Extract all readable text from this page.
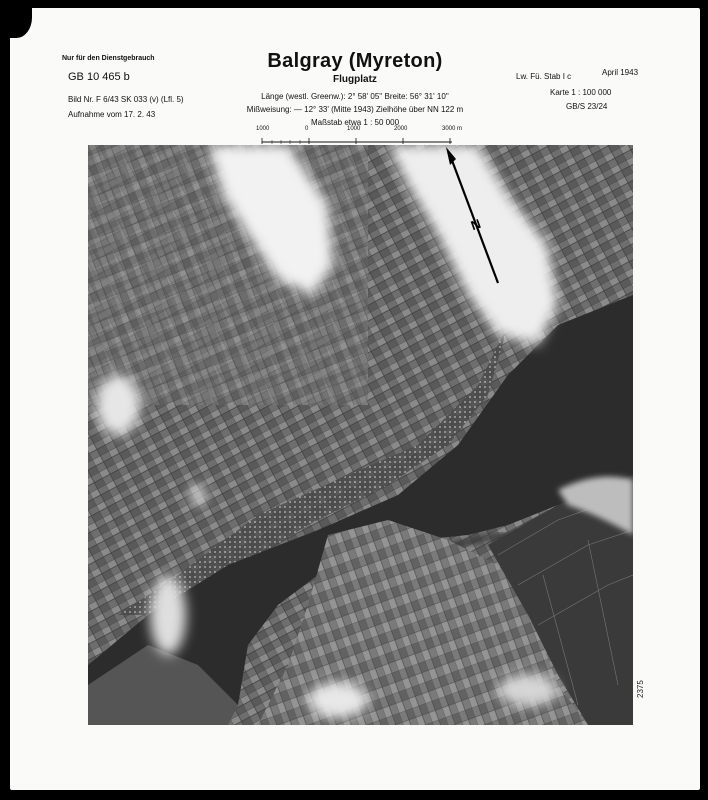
Nur für den Dienstgebrauch
GB 10 465 b
Bild Nr. F 6/43 SK 033 (v) (Lfl. 5)
Aufnahme vom 17. 2. 43
Balgray (Myreton)
Flugplatz
Länge (westl. Greenw.): 2° 58' 05'' Breite: 56° 31' 10''
Mißweisung: — 12° 33' (Mitte 1943) Zielhöhe über NN 122 m
Maßstab etwa 1 : 50 000
Lw. Fü. Stab I c	April 1943
Karte 1 : 100 000
GB/S 23/24
1000	0	1000	2000	3000 m
N
2375
